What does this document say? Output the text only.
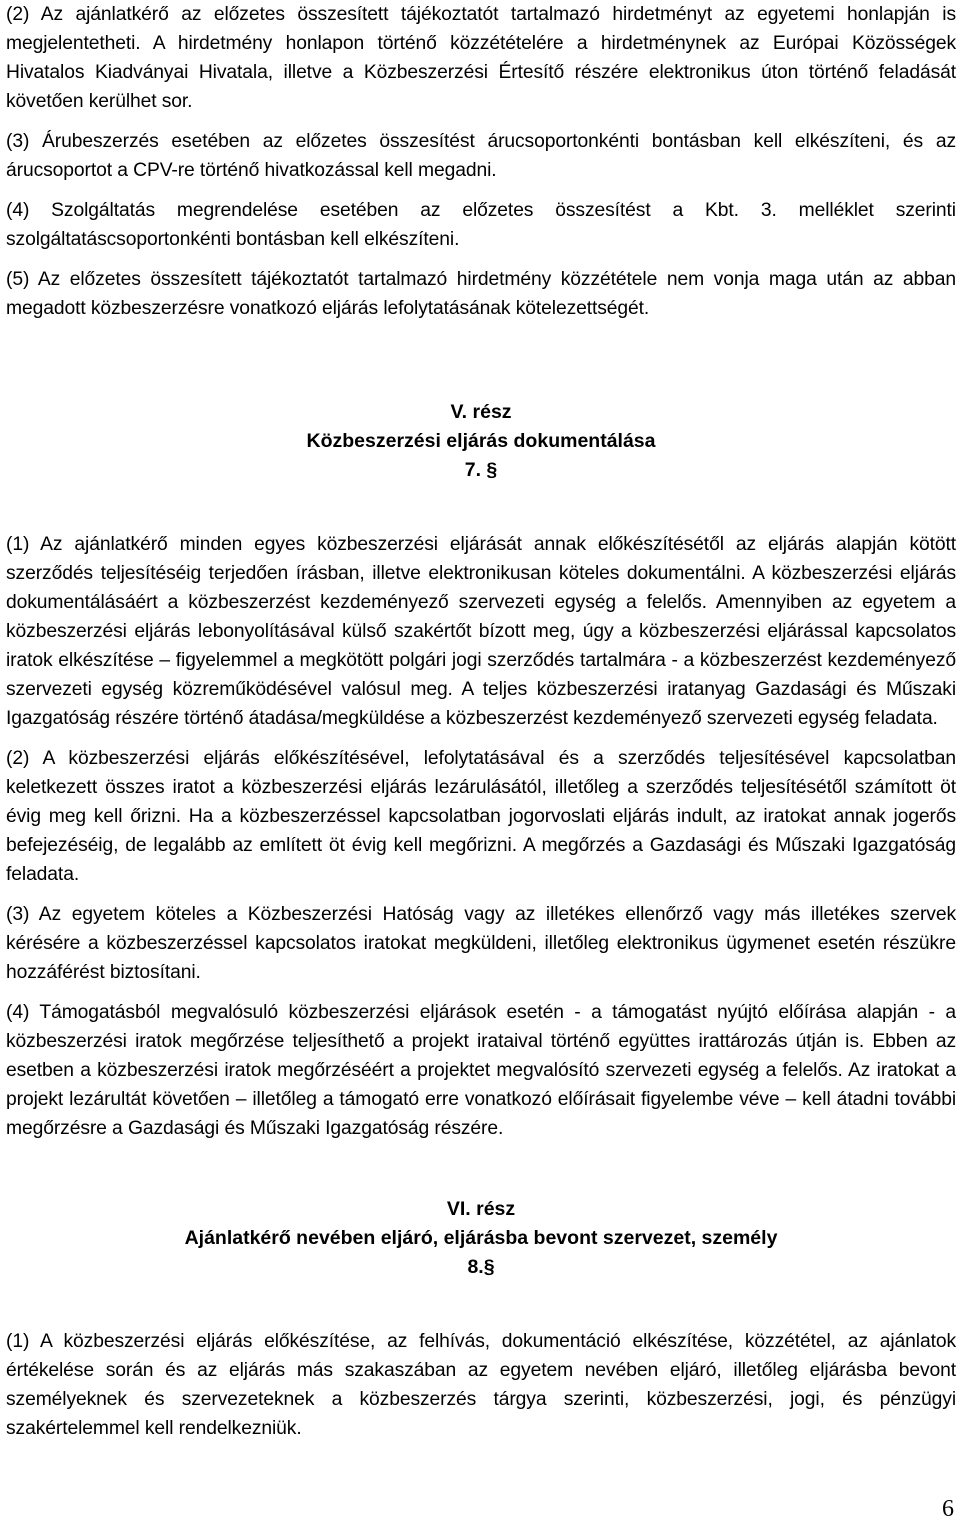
(2) Az ajánlatkérő az előzetes összesített tájékoztatót tartalmazó hirdetményt az egyetemi honlapján is megjelentetheti. A hirdetmény honlapon történő közzétételére a hirdetménynek az Európai Közösségek Hivatalos Kiadványai Hivatala, illetve a Közbeszerzési Értesítő részére elektronikus úton történő feladását követően kerülhet sor.

(3) Árubeszerzés esetében az előzetes összesítést árucsoportonkénti bontásban kell elkészíteni, és az árucsoportot a CPV-re történő hivatkozással kell megadni.

(4) Szolgáltatás megrendelése esetében az előzetes összesítést a Kbt. 3. melléklet szerinti szolgáltatáscsoportonkénti bontásban kell elkészíteni.

(5) Az előzetes összesített tájékoztatót tartalmazó hirdetmény közzététele nem vonja maga után az abban megadott közbeszerzésre vonatkozó eljárás lefolytatásának kötelezettségét.

V. rész

Közbeszerzési eljárás dokumentálása

7. §

(1) Az ajánlatkérő minden egyes közbeszerzési eljárását annak előkészítésétől az eljárás alapján kötött szerződés teljesítéséig terjedően írásban, illetve elektronikusan köteles dokumentálni. A közbeszerzési eljárás dokumentálásáért a közbeszerzést kezdeményező szervezeti egység a felelős. Amennyiben az egyetem a közbeszerzési eljárás lebonyolításával külső szakértőt bízott meg, úgy a közbeszerzési eljárással kapcsolatos iratok elkészítése – figyelemmel a megkötött polgári jogi szerződés tartalmára - a közbeszerzést kezdeményező szervezeti egység közreműködésével valósul meg. A teljes közbeszerzési iratanyag Gazdasági és Műszaki Igazgatóság részére történő átadása/megküldése a közbeszerzést kezdeményező szervezeti egység feladata.

(2) A közbeszerzési eljárás előkészítésével, lefolytatásával és a szerződés teljesítésével kapcsolatban keletkezett összes iratot a közbeszerzési eljárás lezárulásától, illetőleg a szerződés teljesítésétől számított öt évig meg kell őrizni. Ha a közbeszerzéssel kapcsolatban jogorvoslati eljárás indult, az iratokat annak jogerős befejezéséig, de legalább az említett öt évig kell megőrizni. A megőrzés a Gazdasági és Műszaki Igazgatóság feladata.

(3) Az egyetem köteles a Közbeszerzési Hatóság vagy az illetékes ellenőrző vagy más illetékes szervek kérésére a közbeszerzéssel kapcsolatos iratokat megküldeni, illetőleg elektronikus ügymenet esetén részükre hozzáférést biztosítani.

(4) Támogatásból megvalósuló közbeszerzési eljárások esetén - a támogatást nyújtó előírása alapján - a közbeszerzési iratok megőrzése teljesíthető a projekt irataival történő együttes irattározás útján is. Ebben az esetben a közbeszerzési iratok megőrzéséért a projektet megvalósító szervezeti egység a felelős. Az iratokat a projekt lezárultát követően – illetőleg a támogató erre vonatkozó előírásait figyelembe véve – kell átadni további megőrzésre a Gazdasági és Műszaki Igazgatóság részére.

VI. rész

Ajánlatkérő nevében eljáró, eljárásba bevont szervezet, személy

8.§

(1) A közbeszerzési eljárás előkészítése, az felhívás, dokumentáció elkészítése, közzététel, az ajánlatok értékelése során és az eljárás más szakaszában az egyetem nevében eljáró, illetőleg eljárásba bevont személyeknek és szervezeteknek a közbeszerzés tárgya szerinti, közbeszerzési, jogi, és pénzügyi szakértelemmel kell rendelkezniük.

6
